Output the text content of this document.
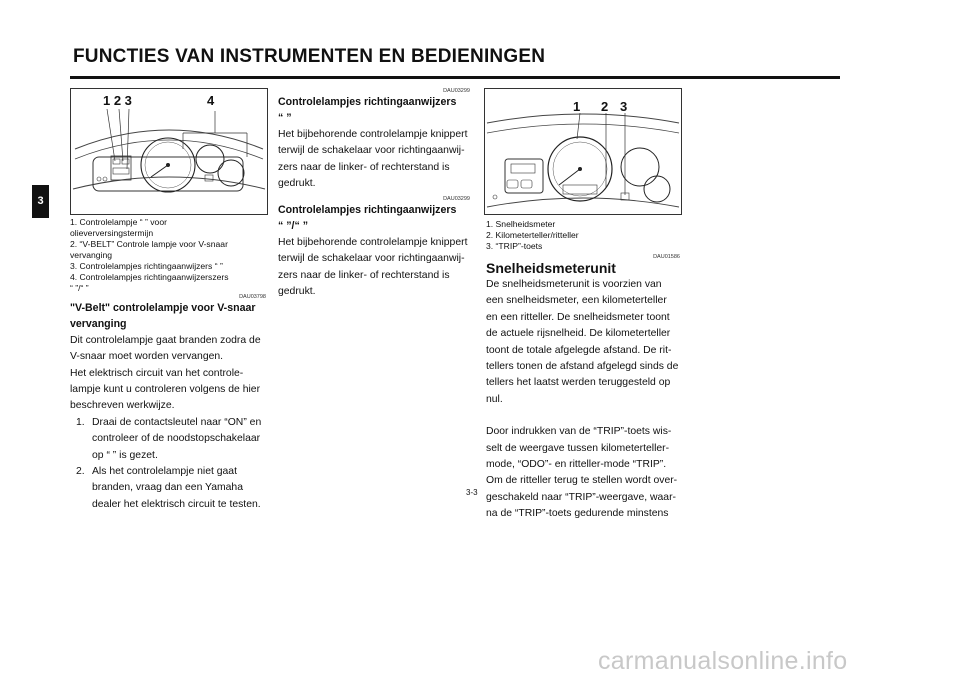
FUNCTIES VAN INSTRUMENTEN EN BEDIENINGEN
3
1 2 3	4
1. Controlelampje “ ” voor
olieverversingstermijn
2. “V-BELT” Controle lampje voor V-snaar
vervanging
3. Controlelampjes richtingaanwijzers “ ”
4. Controlelampjes richtingaanwijzerszers
“ ”/“ ”
DAU03798
"V-Belt" controlelampje voor V-snaar
vervanging
Dit controlelampje gaat branden zodra de
V-snaar moet worden vervangen.
Het elektrisch circuit van het controle-
lampje kunt u controleren volgens de hier
beschreven werkwijze.
1. Draai de contactsleutel naar “ON” en
controleer of de noodstopschakelaar
op “ ” is gezet.
2. Als het controlelampje niet gaat
branden, vraag dan een Yamaha
dealer het elektrisch circuit te testen.
DAU03299
Controlelampjes richtingaanwijzers
“ ”
Het bijbehorende controlelampje knippert
terwijl de schakelaar voor richtingaanwij-
zers naar de linker- of rechterstand is
gedrukt.
DAU03299
Controlelampjes richtingaanwijzers
“ ”/“ ”
Het bijbehorende controlelampje knippert
terwijl de schakelaar voor richtingaanwij-
zers naar de linker- of rechterstand is
gedrukt.
1 2 3
1. Snelheidsmeter
2. Kilometerteller/ritteller
3. “TRIP”-toets
DAU01586
Snelheidsmeterunit
De snelheidsmeterunit is voorzien van
een snelheidsmeter, een kilometerteller
en een ritteller. De snelheidsmeter toont
de actuele rijsnelheid. De kilometerteller
toont de totale afgelegde afstand. De rit-
tellers tonen de afstand afgelegd sinds de
tellers het laatst werden teruggesteld op
nul.
Door indrukken van de “TRIP”-toets wis-
selt de weergave tussen kilometerteller-
mode, “ODO”- en ritteller-mode “TRIP”.
Om de ritteller terug te stellen wordt over-
geschakeld naar “TRIP”-weergave, waar-
na de “TRIP”-toets gedurende minstens
3-3
carmanualsonline.info
